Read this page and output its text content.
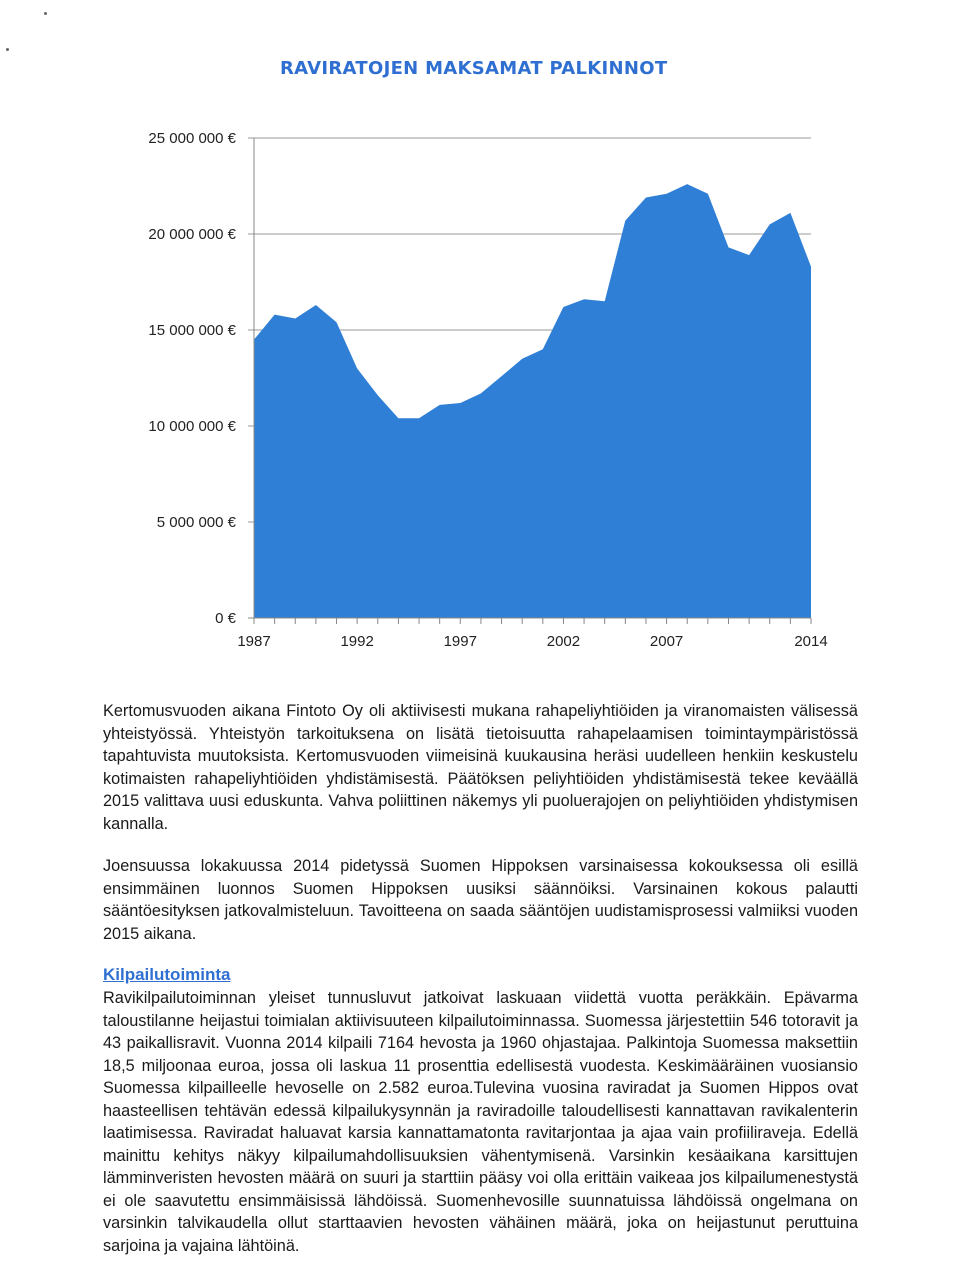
RAVIRATOJEN MAKSAMAT PALKINNOT
25 000 000 €
20 000 000 €
15 000 000 €
10 000 000 €
5 000 000 €
0 €
1987	1992	1997	2002	2007	2014

Kertomusvuoden aikana Fintoto Oy oli aktiivisesti mukana rahapeliyhtiöiden ja viranomaisten välisessä yhteistyössä. Yhteistyön tarkoituksena on lisätä tietoisuutta rahapelaamisen toimintaympäristössä tapahtuvista muutoksista. Kertomusvuoden viimeisinä kuukausina heräsi uudelleen henkiin keskustelu kotimaisten rahapeliyhtiöiden yhdistämisestä. Päätöksen peliyhtiöiden yhdistämisestä tekee keväällä 2015 valittava uusi eduskunta. Vahva poliittinen näkemys yli puoluerajojen on peliyhtiöiden yhdistymisen kannalla.

Joensuussa lokakuussa 2014 pidetyssä Suomen Hippoksen varsinaisessa kokouksessa oli esillä ensimmäinen luonnos Suomen Hippoksen uusiksi säännöiksi. Varsinainen kokous palautti sääntöesityksen jatkovalmisteluun. Tavoitteena on saada sääntöjen uudistamisprosessi valmiiksi vuoden 2015 aikana.

Kilpailutoiminta

Ravikilpailutoiminnan yleiset tunnusluvut jatkoivat laskuaan viidettä vuotta peräkkäin. Epävarma taloustilanne heijastui toimialan aktiivisuuteen kilpailutoiminnassa. Suomessa järjestettiin 546 totoravit ja 43 paikallisravit. Vuonna 2014 kilpaili 7164 hevosta ja 1960 ohjastajaa. Palkintoja Suomessa maksettiin 18,5 miljoonaa euroa, jossa oli laskua 11 prosenttia edellisestä vuodesta. Keskimääräinen vuosiansio Suomessa kilpailleelle hevoselle on 2.582 euroa.Tulevina vuosina raviradat ja Suomen Hippos ovat haasteellisen tehtävän edessä kilpailukysynnän ja raviradoille taloudellisesti kannattavan ravikalenterin laatimisessa. Raviradat haluavat karsia kannattamatonta ravitarjontaa ja ajaa vain profiiliraveja. Edellä mainittu kehitys näkyy kilpailumahdollisuuksien vähentymisenä. Varsinkin kesäaikana karsittujen lämminveristen hevosten määrä on suuri ja starttiin pääsy voi olla erittäin vaikeaa jos kilpailumenestystä ei ole saavutettu ensimmäisissä lähdöissä. Suomenhevosille suunnatuissa lähdöissä ongelmana on varsinkin talvikaudella ollut starttaavien hevosten vähäinen määrä, joka on heijastunut peruttuina sarjoina ja vajaina lähtöinä.
